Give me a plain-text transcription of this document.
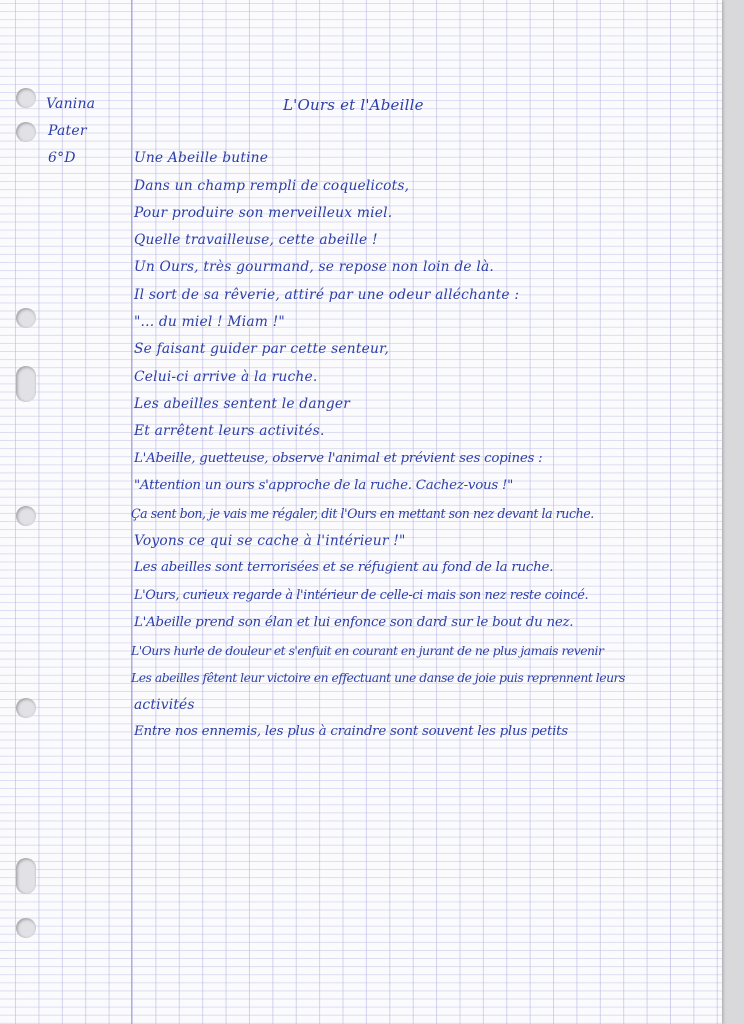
Vanina
Pater
6°D
L'Ours et l'Abeille
Une Abeille butine
Dans un champ rempli de coquelicots,
Pour produire son merveilleux miel.
Quelle travailleuse, cette abeille !
Un Ours, très gourmand, se repose non loin de là.
Il sort de sa rêverie, attiré par une odeur alléchante :
"... du miel ! Miam !"
Se faisant guider par cette senteur,
Celui-ci arrive à la ruche.
Les abeilles sentent le danger
Et arrêtent leurs activités.
L'Abeille, guetteuse, observe l'animal et prévient ses copines :
"Attention un ours s'approche de la ruche. Cachez-vous !"
Ça sent bon, je vais me régaler, dit l'Ours en mettant son nez devant la ruche.
Voyons ce qui se cache à l'intérieur !"
Les abeilles sont terrorisées et se réfugient au fond de la ruche.
L'Ours, curieux regarde à l'intérieur de celle-ci mais son nez reste coincé.
L'Abeille prend son élan et lui enfonce son dard sur le bout du nez.
L'Ours hurle de douleur et s'enfuit en courant en jurant de ne plus jamais revenir
Les abeilles fêtent leur victoire en effectuant une danse de joie puis reprennent leurs
activités
Entre nos ennemis, les plus à craindre sont souvent les plus petits
